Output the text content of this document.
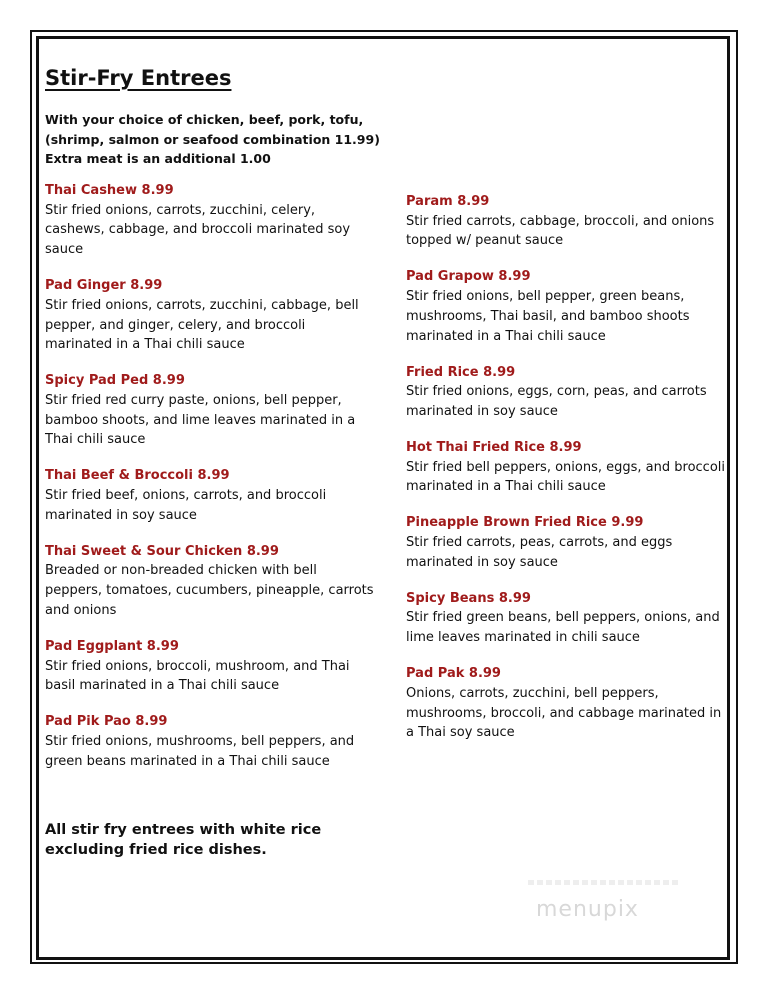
Stir-Fry Entrees
With your choice of chicken, beef, pork, tofu,
(shrimp, salmon or seafood combination 11.99)
Extra meat is an additional 1.00
Thai Cashew 8.99
Stir fried onions, carrots, zucchini, celery, cashews, cabbage, and broccoli marinated soy sauce
Pad Ginger 8.99
Stir fried onions, carrots, zucchini, cabbage, bell pepper, and ginger, celery, and broccoli marinated in a Thai chili sauce
Spicy Pad Ped 8.99
Stir fried red curry paste, onions, bell pepper, bamboo shoots, and lime leaves marinated in a Thai chili sauce
Thai Beef & Broccoli 8.99
Stir fried beef, onions, carrots, and broccoli marinated in soy sauce
Thai Sweet & Sour Chicken 8.99
Breaded or non-breaded chicken with bell peppers, tomatoes, cucumbers, pineapple, carrots and onions
Pad Eggplant 8.99
Stir fried onions, broccoli, mushroom, and Thai basil marinated in a Thai chili sauce
Pad Pik Pao 8.99
Stir fried onions, mushrooms, bell peppers, and green beans marinated in a Thai chili sauce
Param 8.99
Stir fried carrots, cabbage, broccoli, and onions topped w/ peanut sauce
Pad Grapow 8.99
Stir fried onions, bell pepper, green beans, mushrooms, Thai basil, and bamboo shoots marinated in a Thai chili sauce
Fried Rice 8.99
Stir fried onions, eggs, corn, peas, and carrots marinated in soy sauce
Hot Thai Fried Rice 8.99
Stir fried bell peppers, onions, eggs, and broccoli marinated in a Thai chili sauce
Pineapple Brown Fried Rice 9.99
Stir fried carrots, peas, carrots, and eggs marinated in soy sauce
Spicy Beans 8.99
Stir fried green beans, bell peppers, onions, and lime leaves marinated in chili sauce
Pad Pak 8.99
Onions, carrots, zucchini, bell peppers, mushrooms, broccoli, and cabbage marinated in a Thai soy sauce
All stir fry entrees with white rice
excluding fried rice dishes.
menupix
